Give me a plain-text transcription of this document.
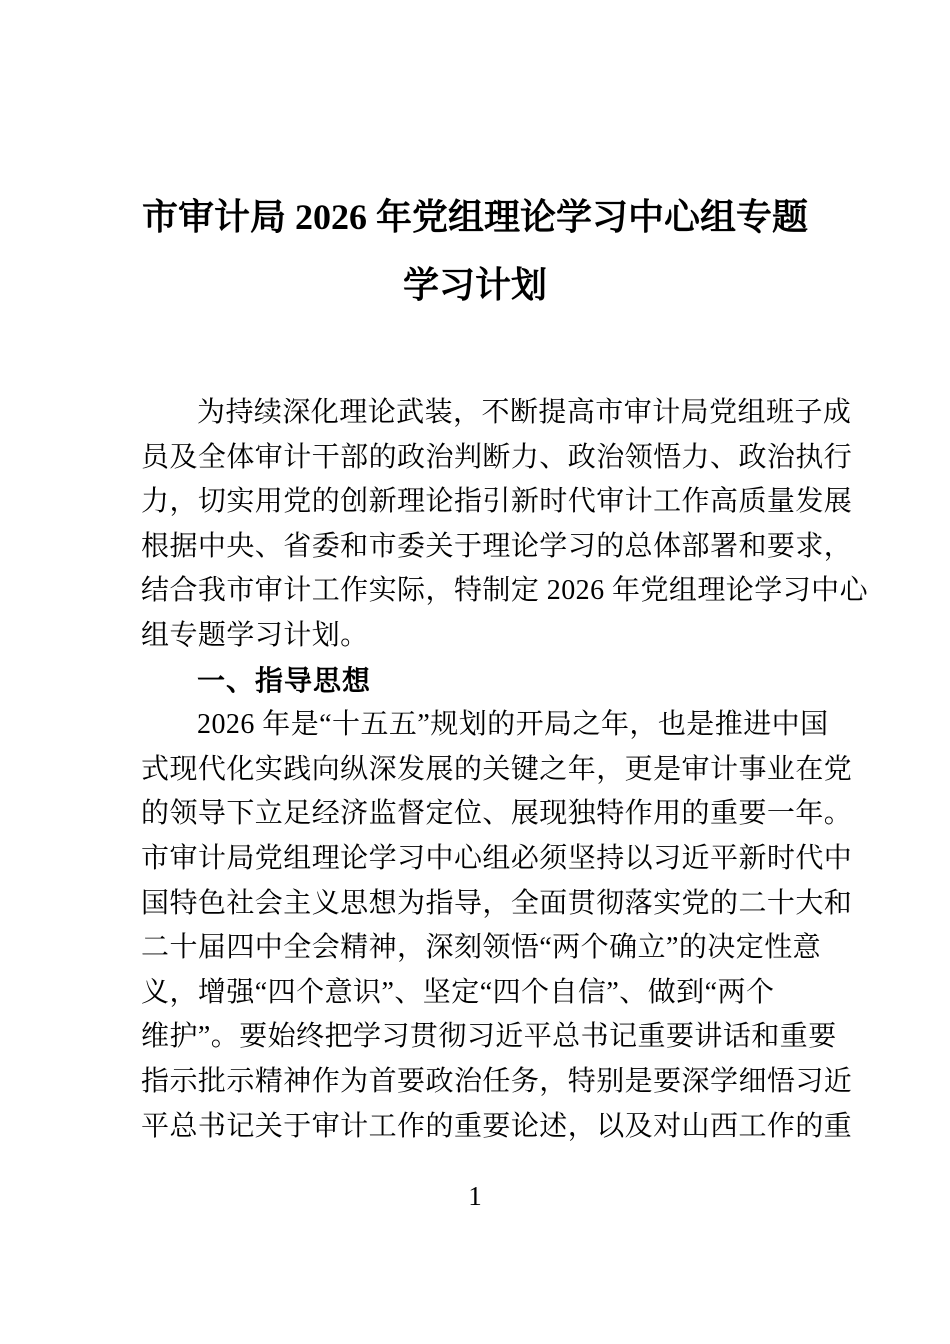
市审计局 2026 年党组理论学习中心组专题
学习计划
为持续深化理论武装，不断提高市审计局党组班子成
员及全体审计干部的政治判断力、政治领悟力、政治执行
力，切实用党的创新理论指引新时代审计工作高质量发展
根据中央、省委和市委关于理论学习的总体部署和要求，
结合我市审计工作实际，特制定 2026 年党组理论学习中心
组专题学习计划。
一、指导思想
2026 年是“十五五”规划的开局之年，也是推进中国
式现代化实践向纵深发展的关键之年，更是审计事业在党
的领导下立足经济监督定位、展现独特作用的重要一年。
市审计局党组理论学习中心组必须坚持以习近平新时代中
国特色社会主义思想为指导，全面贯彻落实党的二十大和
二十届四中全会精神，深刻领悟“两个确立”的决定性意
义，增强“四个意识”、坚定“四个自信”、做到“两个
维护”。要始终把学习贯彻习近平总书记重要讲话和重要
指示批示精神作为首要政治任务，特别是要深学细悟习近
平总书记关于审计工作的重要论述，以及对山西工作的重
1
